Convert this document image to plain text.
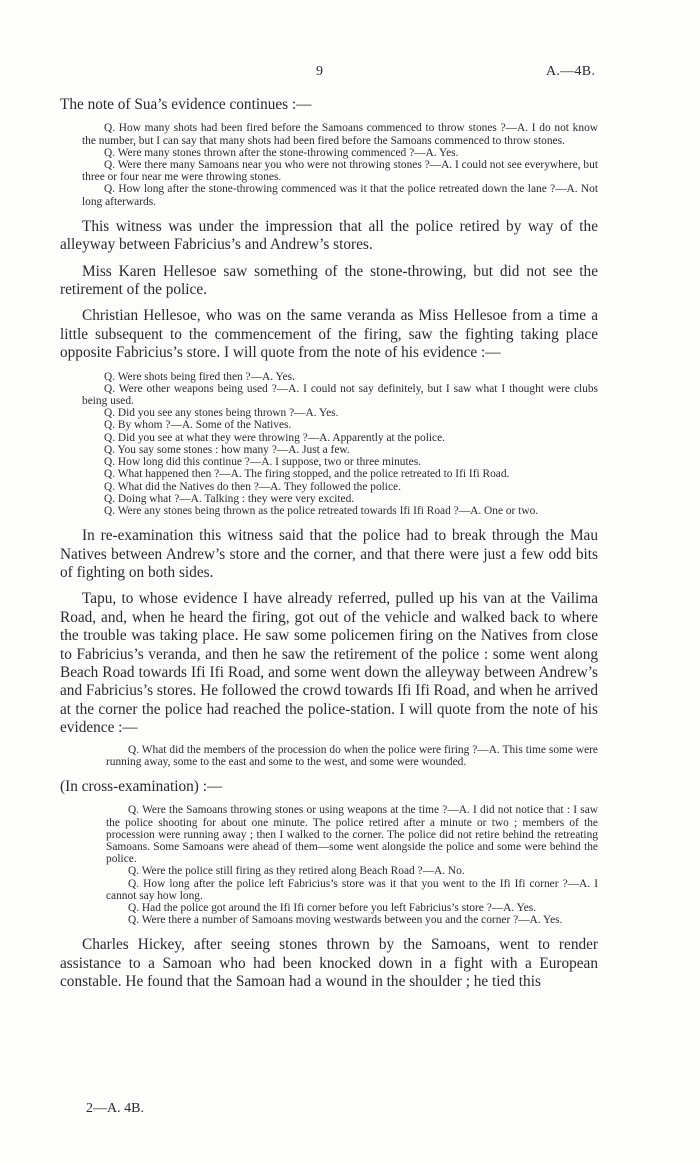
9	A.—4B.

The note of Sua’s evidence continues :—

Q. How many shots had been fired before the Samoans commenced to throw stones ?—A. I do not know the number, but I can say that many shots had been fired before the Samoans commenced to throw stones.

Q. Were many stones thrown after the stone-throwing commenced ?—A. Yes.

Q. Were there many Samoans near you who were not throwing stones ?—A. I could not see everywhere, but three or four near me were throwing stones.

Q. How long after the stone-throwing commenced was it that the police retreated down the lane ?—A. Not long afterwards.

This witness was under the impression that all the police retired by way of the alleyway between Fabricius’s and Andrew’s stores.

Miss Karen Hellesoe saw something of the stone-throwing, but did not see the retirement of the police.

Christian Hellesoe, who was on the same veranda as Miss Hellesoe from a time a little subsequent to the commencement of the firing, saw the fighting taking place opposite Fabricius’s store. I will quote from the note of his evidence :—

Q. Were shots being fired then ?—A. Yes.

Q. Were other weapons being used ?—A. I could not say definitely, but I saw what I thought were clubs being used.

Q. Did you see any stones being thrown ?—A. Yes.

Q. By whom ?—A. Some of the Natives.

Q. Did you see at what they were throwing ?—A. Apparently at the police.

Q. You say some stones : how many ?—A. Just a few.

Q. How long did this continue ?—A. I suppose, two or three minutes.

Q. What happened then ?—A. The firing stopped, and the police retreated to Ifi Ifi Road.

Q. What did the Natives do then ?—A. They followed the police.

Q. Doing what ?—A. Talking : they were very excited.

Q. Were any stones being thrown as the police retreated towards Ifi Ifi Road ?—A. One or two.

In re-examination this witness said that the police had to break through the Mau Natives between Andrew’s store and the corner, and that there were just a few odd bits of fighting on both sides.

Tapu, to whose evidence I have already referred, pulled up his van at the Vailima Road, and, when he heard the firing, got out of the vehicle and walked back to where the trouble was taking place. He saw some policemen firing on the Natives from close to Fabricius’s veranda, and then he saw the retirement of the police : some went along Beach Road towards Ifi Ifi Road, and some went down the alleyway between Andrew’s and Fabricius’s stores. He followed the crowd towards Ifi Ifi Road, and when he arrived at the corner the police had reached the police-station. I will quote from the note of his evidence :—

Q. What did the members of the procession do when the police were firing ?—A. This time some were running away, some to the east and some to the west, and some were wounded.

(In cross-examination) :—

Q. Were the Samoans throwing stones or using weapons at the time ?—A. I did not notice that : I saw the police shooting for about one minute. The police retired after a minute or two ; members of the procession were running away ; then I walked to the corner. The police did not retire behind the retreating Samoans. Some Samoans were ahead of them—some went alongside the police and some were behind the police.

Q. Were the police still firing as they retired along Beach Road ?—A. No.

Q. How long after the police left Fabricius’s store was it that you went to the Ifi Ifi corner ?—A. I cannot say how long.

Q. Had the police got around the Ifi Ifi corner before you left Fabricius’s store ?—A. Yes.

Q. Were there a number of Samoans moving westwards between you and the corner ?—A. Yes.

Charles Hickey, after seeing stones thrown by the Samoans, went to render assistance to a Samoan who had been knocked down in a fight with a European constable. He found that the Samoan had a wound in the shoulder ; he tied this

2—A. 4B.
